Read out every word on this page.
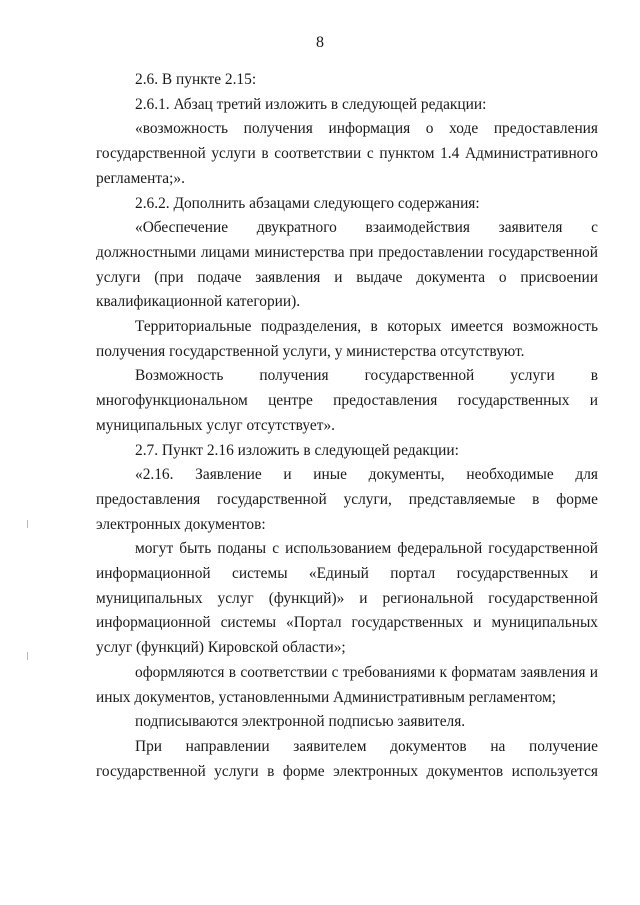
8

2.6. В пункте 2.15:

2.6.1. Абзац третий изложить в следующей редакции:

«возможность получения информация о ходе предоставления государственной услуги в соответствии с пунктом 1.4 Административного регламента;».

2.6.2. Дополнить абзацами следующего содержания:

«Обеспечение двукратного взаимодействия заявителя с должностными лицами министерства при предоставлении государственной услуги (при подаче заявления и выдаче документа о присвоении квалификационной категории).

Территориальные подразделения, в которых имеется возможность получения государственной услуги, у министерства отсутствуют.

Возможность получения государственной услуги в многофункциональном центре предоставления государственных и муниципальных услуг отсутствует».

2.7. Пункт 2.16 изложить в следующей редакции:

«2.16. Заявление и иные документы, необходимые для предоставления государственной услуги, представляемые в форме электронных документов:

могут быть поданы с использованием федеральной государственной информационной системы «Единый портал государственных и муниципальных услуг (функций)» и региональной государственной информационной системы «Портал государственных и муниципальных услуг (функций) Кировской области»;

оформляются в соответствии с требованиями к форматам заявления и иных документов, установленными Административным регламентом;

подписываются электронной подписью заявителя.

При направлении заявителем документов на получение государственной услуги в форме электронных документов используется
